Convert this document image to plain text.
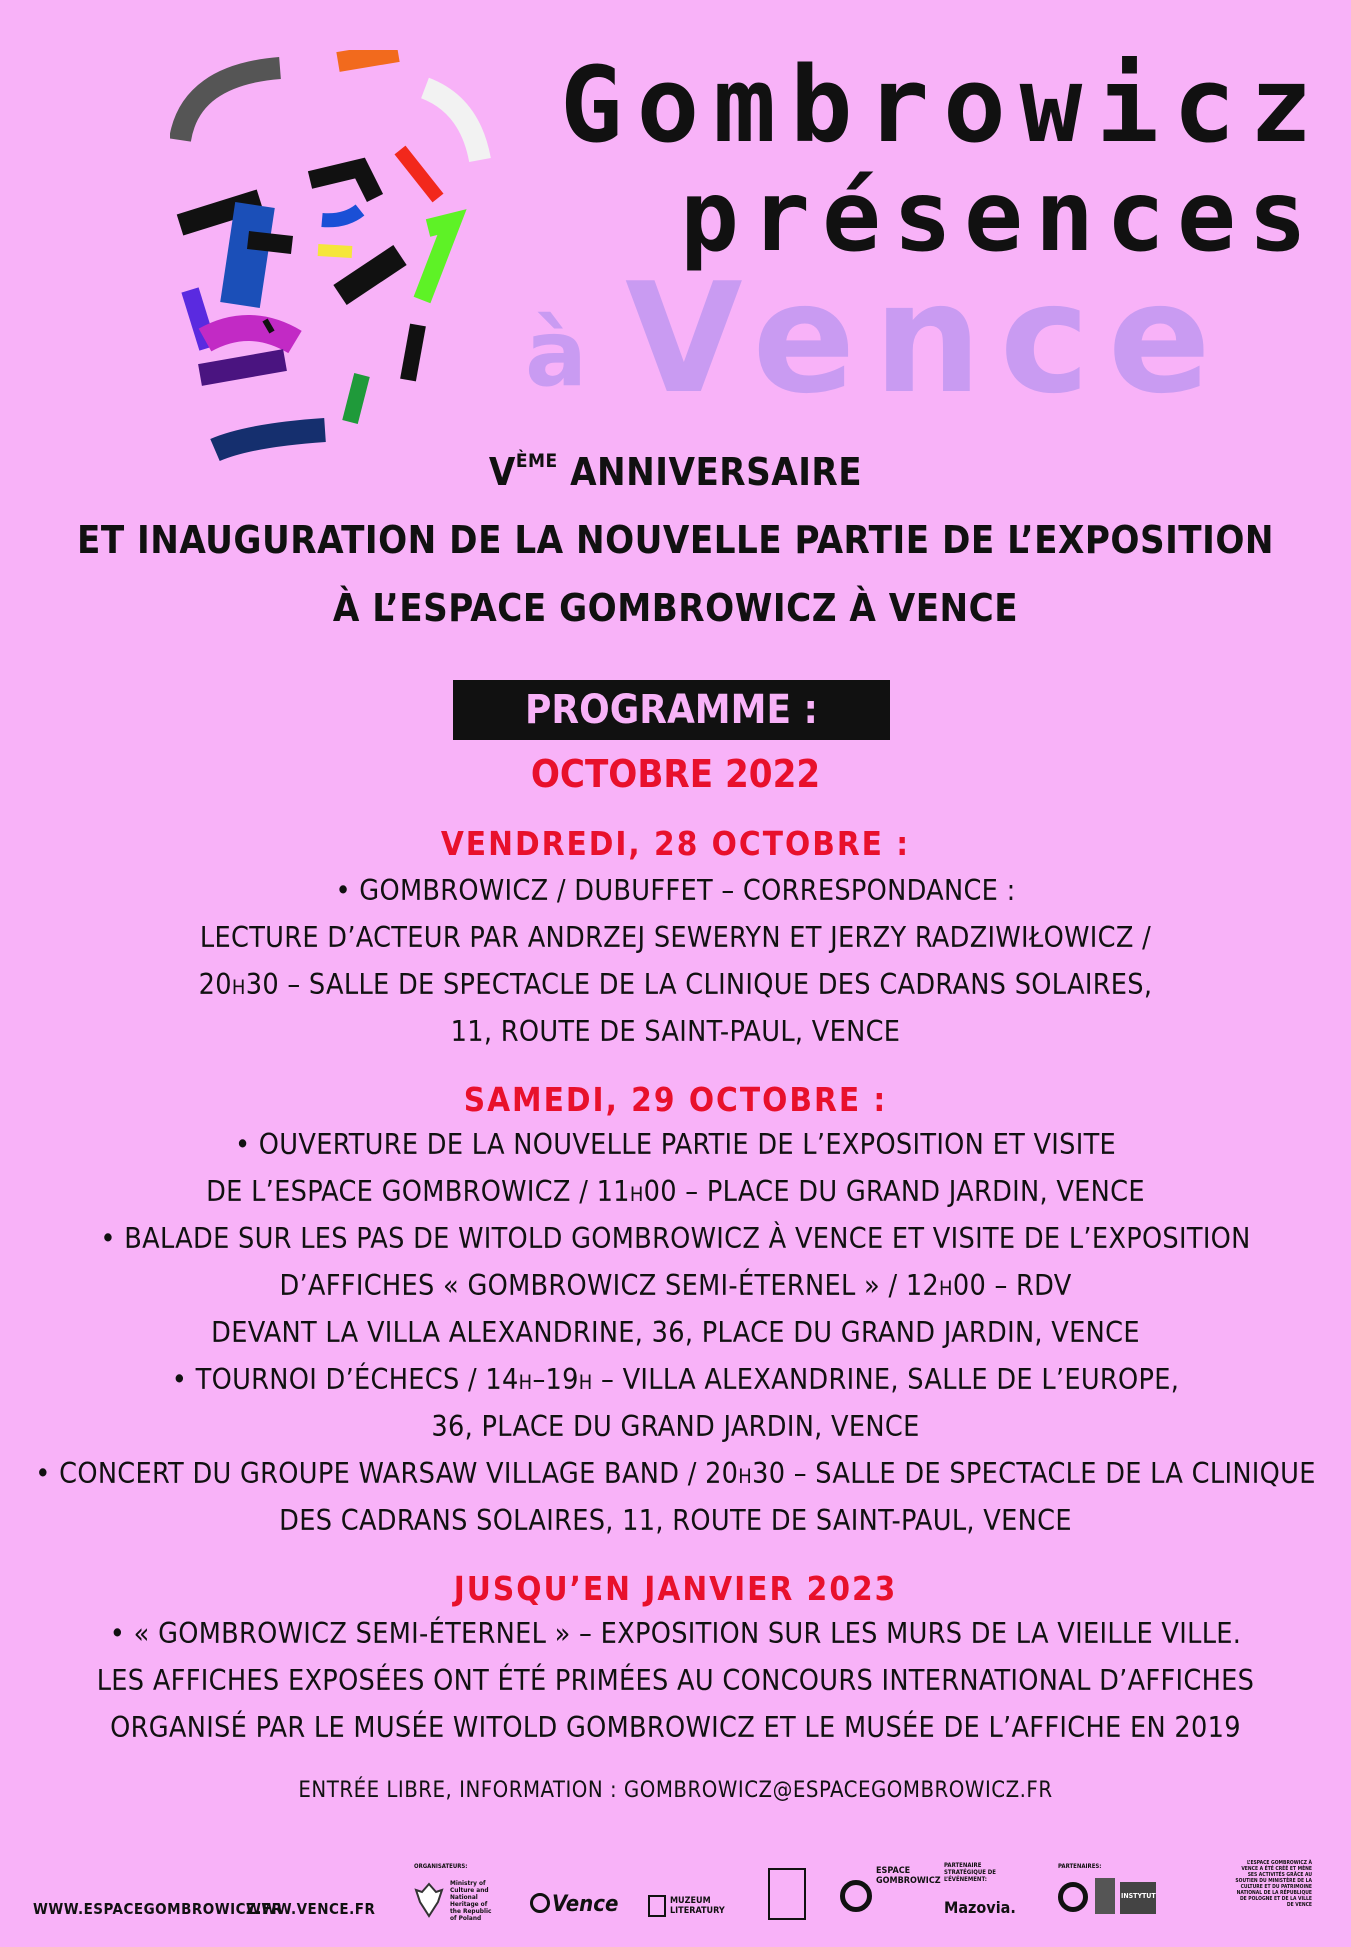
Gombrowicz
présences
à Vence
VÈME ANNIVERSAIRE
ET INAUGURATION DE LA NOUVELLE PARTIE DE L’EXPOSITION
À L’ESPACE GOMBROWICZ À VENCE
PROGRAMME :
OCTOBRE 2022
VENDREDI, 28 OCTOBRE :
• GOMBROWICZ / DUBUFFET – CORRESPONDANCE :
LECTURE D’ACTEUR PAR ANDRZEJ SEWERYN ET JERZY RADZIWIŁOWICZ /
20H30 – SALLE DE SPECTACLE DE LA CLINIQUE DES CADRANS SOLAIRES,
11, ROUTE DE SAINT-PAUL, VENCE
SAMEDI, 29 OCTOBRE :
• OUVERTURE DE LA NOUVELLE PARTIE DE L’EXPOSITION ET VISITE
DE L’ESPACE GOMBROWICZ / 11H00 – PLACE DU GRAND JARDIN, VENCE
• BALADE SUR LES PAS DE WITOLD GOMBROWICZ À VENCE ET VISITE DE L’EXPOSITION
D’AFFICHES « GOMBROWICZ SEMI-ÉTERNEL » / 12H00 – RDV
DEVANT LA VILLA ALEXANDRINE, 36, PLACE DU GRAND JARDIN, VENCE
• TOURNOI D’ÉCHECS / 14H–19H – VILLA ALEXANDRINE, SALLE DE L’EUROPE,
36, PLACE DU GRAND JARDIN, VENCE
• CONCERT DU GROUPE WARSAW VILLAGE BAND / 20H30 – SALLE DE SPECTACLE DE LA CLINIQUE
DES CADRANS SOLAIRES, 11, ROUTE DE SAINT-PAUL, VENCE
JUSQU’EN JANVIER 2023
• « GOMBROWICZ SEMI-ÉTERNEL » – EXPOSITION SUR LES MURS DE LA VIEILLE VILLE.
LES AFFICHES EXPOSÉES ONT ÉTÉ PRIMÉES AU CONCOURS INTERNATIONAL D’AFFICHES
ORGANISÉ PAR LE MUSÉE WITOLD GOMBROWICZ ET LE MUSÉE DE L’AFFICHE EN 2019
ENTRÉE LIBRE, INFORMATION : GOMBROWICZ@ESPACEGOMBROWICZ.FR
WWW.ESPACEGOMBROWICZ.FR
WWW.VENCE.FR
ORGANISATEURS:
Ministry of Culture and National Heritage of the Republic of Poland
Vence	MUZEUM LITERATURY
ESPACE GOMBROWICZ
PARTENAIRE STRATÉGIQUE DE L’ÉVÉNEMENT:
Mazovia.
PARTENAIRES:
INSTYTUT
L’ESPACE GOMBROWICZ À VENCE A ÉTÉ CRÉÉ ET MÈNE SES ACTIVITÉS GRÂCE AU SOUTIEN DU MINISTÈRE DE LA CULTURE ET DU PATRIMOINE NATIONAL DE LA RÉPUBLIQUE DE POLOGNE ET DE LA VILLE DE VENCE
